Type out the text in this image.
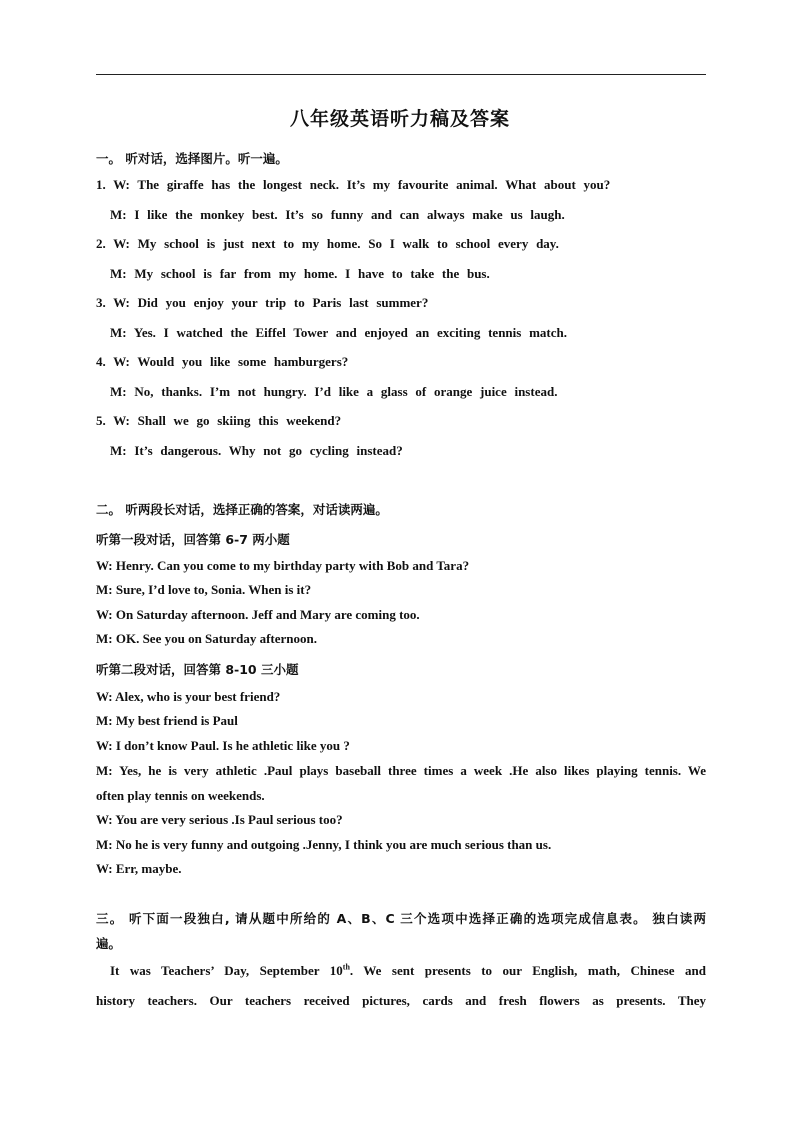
八年级英语听力稿及答案
一。 听对话，选择图片。听一遍。
1. W: The giraffe has the longest neck. It’s my favourite animal. What about you?
M: I like the monkey best. It’s so funny and can always make us laugh.
2. W: My school is just next to my home. So I walk to school every day.
M: My school is far from my home. I have to take the bus.
3. W: Did you enjoy your trip to Paris last summer?
M: Yes. I watched the Eiffel Tower and enjoyed an exciting tennis match.
4. W: Would you like some hamburgers?
M: No, thanks. I’m not hungry. I’d like a glass of orange juice instead.
5. W: Shall we go skiing this weekend?
M: It’s dangerous. Why not go cycling instead?
二。 听两段长对话，选择正确的答案，对话读两遍。
听第一段对话，回答第 6-7 两小题
W: Henry. Can you come to my birthday party with Bob and Tara?
M: Sure, I’d love to, Sonia. When is it?
W: On Saturday afternoon. Jeff and Mary are coming too.
M: OK. See you on Saturday afternoon.
听第二段对话，回答第 8-10 三小题
W: Alex, who is your best friend?
M: My best friend is Paul
W: I don’t know Paul. Is he athletic like you ?
M: Yes, he is very athletic .Paul plays baseball three times a week .He also likes playing tennis. We
often play tennis on weekends.
W: You are very serious .Is Paul serious too?
M: No he is very funny and outgoing .Jenny, I think you are much serious than us.
W: Err, maybe.
三。 听下面一段独白, 请从题中所给的 A、B、C 三个选项中选择正确的选项完成信息表。 独白读两
遍。
It was Teachers’ Day, September 10th. We sent presents to our English, math, Chinese and
history teachers. Our teachers received pictures, cards and fresh flowers as presents. They
